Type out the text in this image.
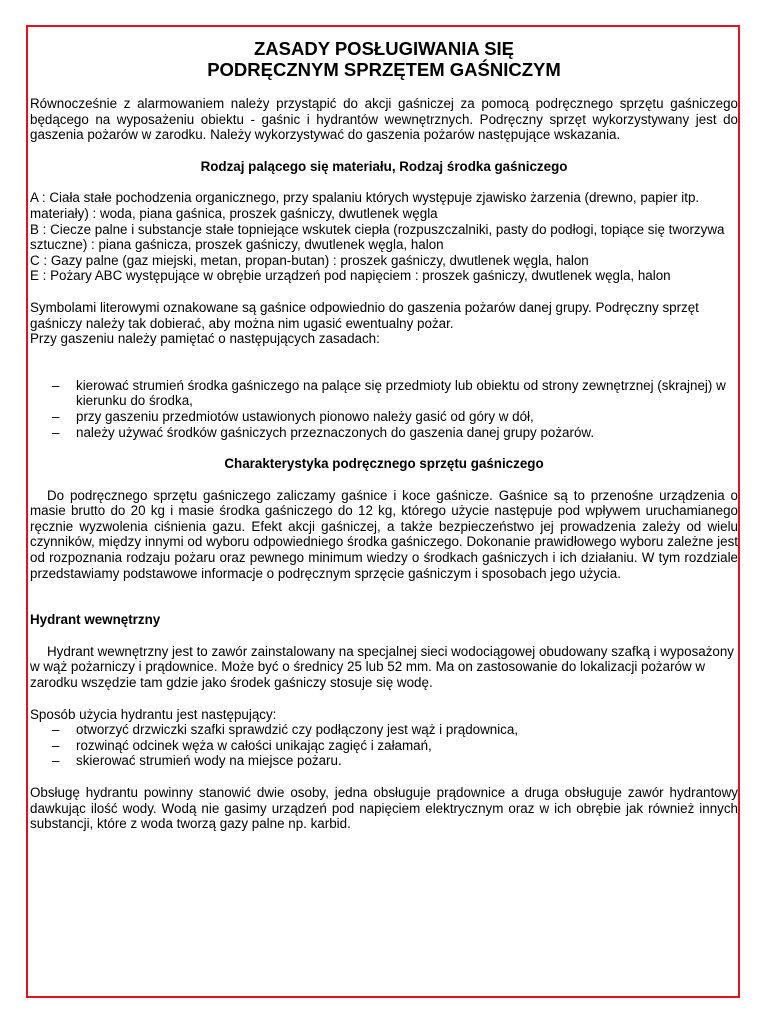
ZASADY POSŁUGIWANIA SIĘ
PODRĘCZNYM SPRZĘTEM GAŚNICZYM

Równocześnie z alarmowaniem należy przystąpić do akcji gaśniczej za pomocą podręcznego sprzętu gaśniczego będącego na wyposażeniu obiektu - gaśnic i hydrantów wewnętrznych. Podręczny sprzęt wykorzystywany jest do gaszenia pożarów w zarodku. Należy wykorzystywać do gaszenia pożarów następujące wskazania.

Rodzaj palącego się materiału, Rodzaj środka gaśniczego

A : Ciała stałe pochodzenia organicznego, przy spalaniu których występuje zjawisko żarzenia (drewno, papier itp. materiały) : woda, piana gaśnica, proszek gaśniczy, dwutlenek węgla

B : Ciecze palne i substancje stałe topniejące wskutek ciepła (rozpuszczalniki, pasty do podłogi, topiące się tworzywa sztuczne) : piana gaśnicza, proszek gaśniczy, dwutlenek węgla, halon

C : Gazy palne (gaz miejski, metan, propan-butan) : proszek gaśniczy, dwutlenek węgla, halon

E : Pożary ABC występujące w obrębie urządzeń pod napięciem : proszek gaśniczy, dwutlenek węgla, halon

Symbolami literowymi oznakowane są gaśnice odpowiednio do gaszenia pożarów danej grupy. Podręczny sprzęt gaśniczy należy tak dobierać, aby można nim ugasić ewentualny pożar.

Przy gaszeniu należy pamiętać o następujących zasadach:

– kierować strumień środka gaśniczego na palące się przedmioty lub obiektu od strony zewnętrznej (skrajnej) w kierunku do środka,
– przy gaszeniu przedmiotów ustawionych pionowo należy gasić od góry w dół,
– należy używać środków gaśniczych przeznaczonych do gaszenia danej grupy pożarów.

Charakterystyka podręcznego sprzętu gaśniczego

Do podręcznego sprzętu gaśniczego zaliczamy gaśnice i koce gaśnicze. Gaśnice są to przenośne urządzenia o masie brutto do 20 kg i masie środka gaśniczego do 12 kg, którego użycie następuje pod wpływem uruchamianego ręcznie wyzwolenia ciśnienia gazu. Efekt akcji gaśniczej, a także bezpieczeństwo jej prowadzenia zależy od wielu czynników, między innymi od wyboru odpowiedniego środka gaśniczego. Dokonanie prawidłowego wyboru zależne jest od rozpoznania rodzaju pożaru oraz pewnego minimum wiedzy o środkach gaśniczych i ich działaniu. W tym rozdziale przedstawiamy podstawowe informacje o podręcznym sprzęcie gaśniczym i sposobach jego użycia.

Hydrant wewnętrzny

Hydrant wewnętrzny jest to zawór zainstalowany na specjalnej sieci wodociągowej obudowany szafką i wyposażony w wąż pożarniczy i prądownice. Może być o średnicy 25 lub 52 mm. Ma on zastosowanie do lokalizacji pożarów w zarodku wszędzie tam gdzie jako środek gaśniczy stosuje się wodę.

Sposób użycia hydrantu jest następujący:

– otworzyć drzwiczki szafki sprawdzić czy podłączony jest wąż i prądownica,
– rozwinąć odcinek węża w całości unikając zagięć i załamań,
– skierować strumień wody na miejsce pożaru.

Obsługę hydrantu powinny stanowić dwie osoby, jedna obsługuje prądownice a druga obsługuje zawór hydrantowy dawkując ilość wody. Wodą nie gasimy urządzeń pod napięciem elektrycznym oraz w ich obrębie jak również innych substancji, które z woda tworzą gazy palne np. karbid.
